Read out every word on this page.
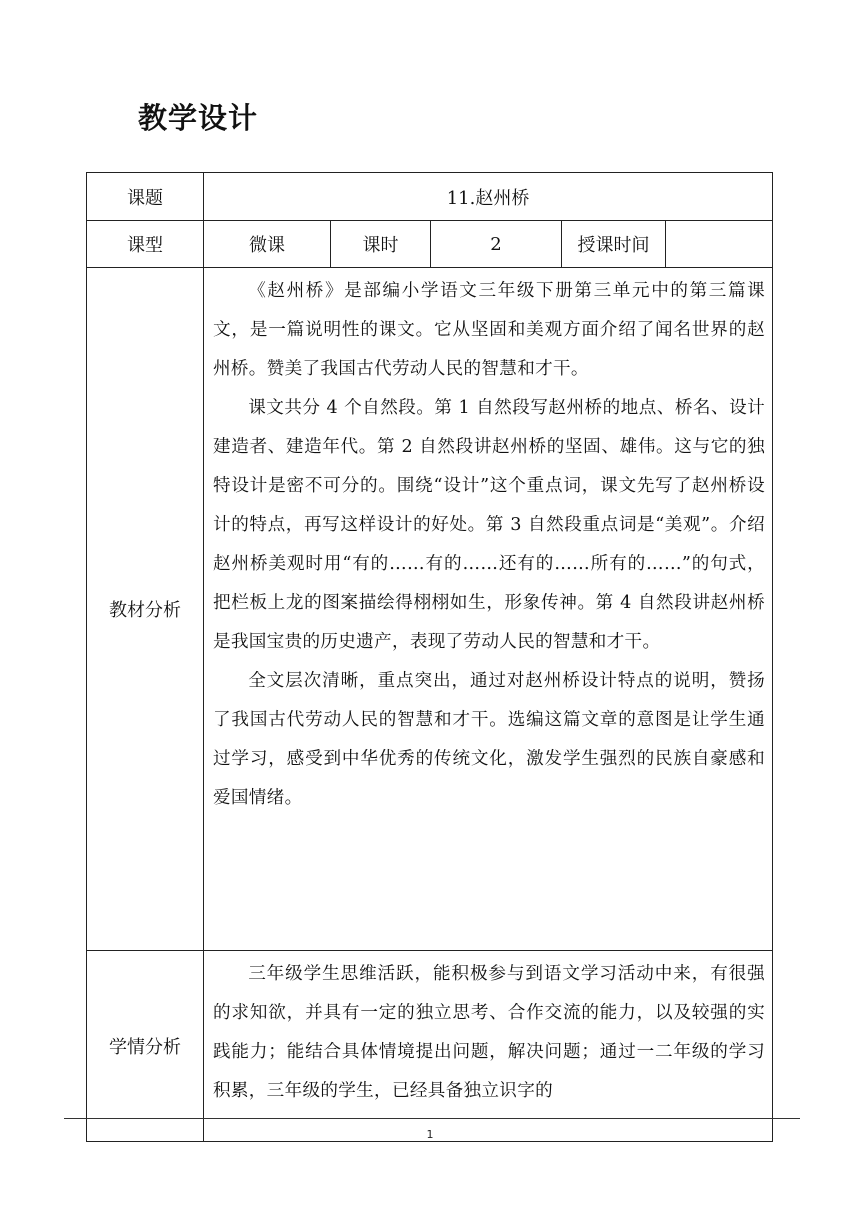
教学设计
课题	11.赵州桥				
课型	微课	课时	2	授课时间	
教材分析	《赵州桥》是部编小学语文三年级下册第三单元中的第三篇课文，是一篇说明性的课文。它从坚固和美观方面介绍了闻名世界的赵州桥。赞美了我国古代劳动人民的智慧和才干。

课文共分 4 个自然段。第 1 自然段写赵州桥的地点、桥名、设计建造者、建造年代。第 2 自然段讲赵州桥的坚固、雄伟。这与它的独特设计是密不可分的。围绕“设计”这个重点词，课文先写了赵州桥设计的特点，再写这样设计的好处。第 3 自然段重点词是“美观”。介绍赵州桥美观时用“有的……有的……还有的……所有的……”的句式，把栏板上龙的图案描绘得栩栩如生，形象传神。第 4 自然段讲赵州桥是我国宝贵的历史遗产，表现了劳动人民的智慧和才干。

全文层次清晰，重点突出，通过对赵州桥设计特点的说明，赞扬了我国古代劳动人民的智慧和才干。选编这篇文章的意图是让学生通过学习，感受到中华优秀的传统文化，激发学生强烈的民族自豪感和爱国情绪。				

学情分析	三年级学生思维活跃，能积极参与到语文学习活动中来，有很强的求知欲，并具有一定的独立思考、合作交流的能力，以及较强的实践能力；能结合具体情境提出问题，解决问题；通过一二年级的学习积累，三年级的学生，已经具备独立识字的				

1
